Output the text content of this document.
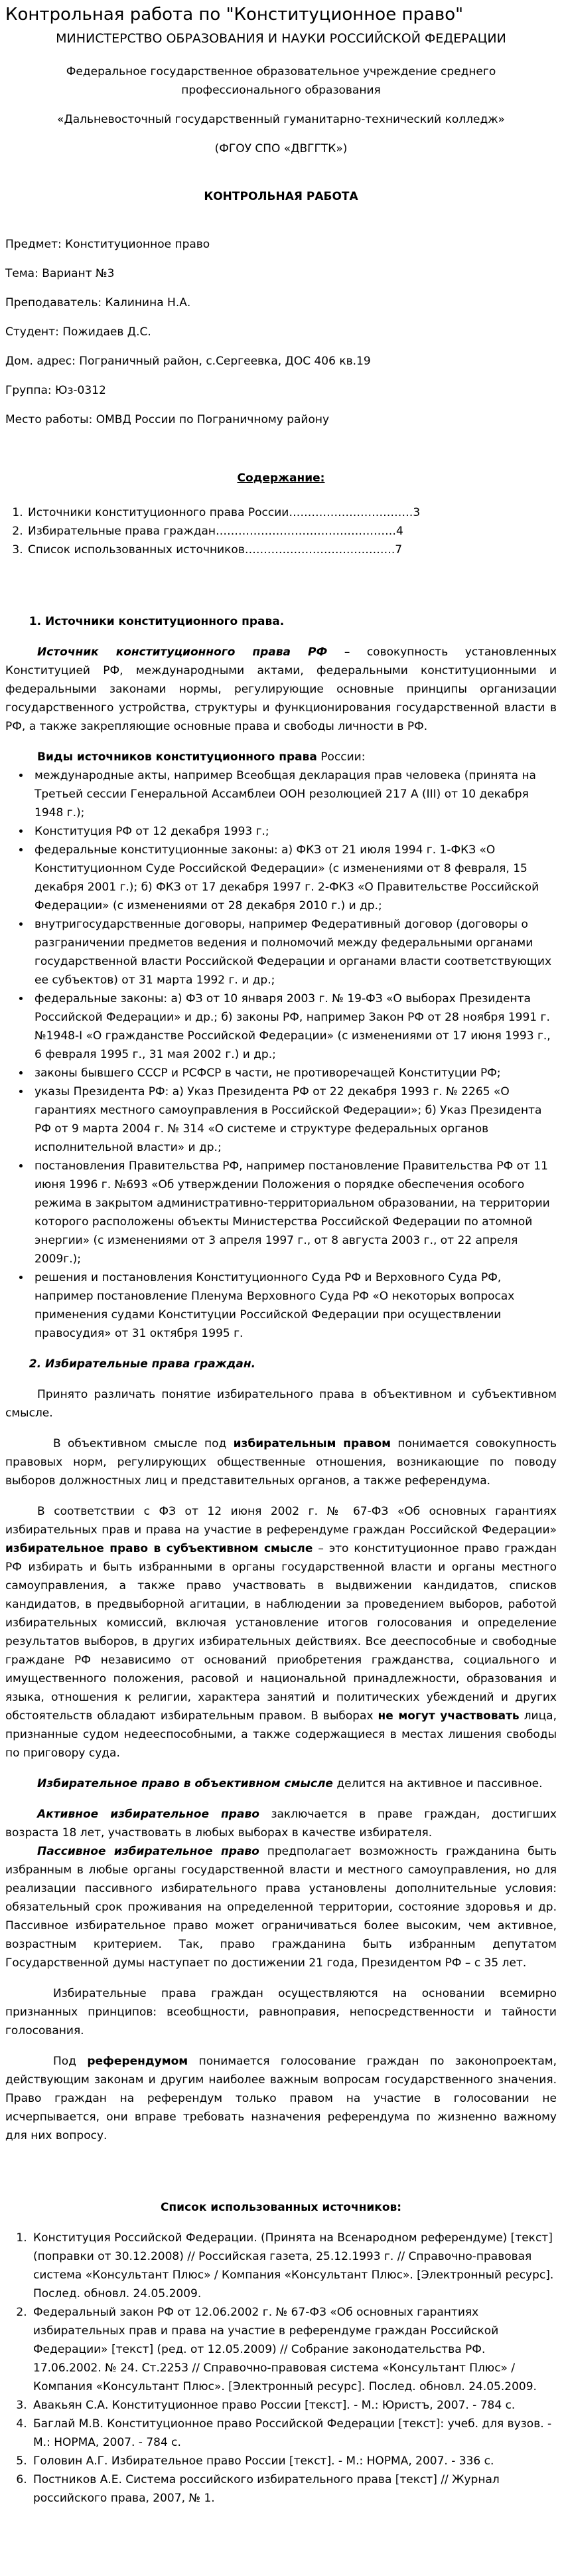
Контрольная работа по "Конституционное право"
МИНИСТЕРСТВО ОБРАЗОВАНИЯ И НАУКИ РОССИЙСКОЙ ФЕДЕРАЦИИ
Федеральное государственное образовательное учреждение среднего
профессионального образования
«Дальневосточный государственный гуманитарно-технический колледж»
(ФГОУ СПО «ДВГГТК»)
КОНТРОЛЬНАЯ РАБОТА

Предмет: Конституционное право

Тема: Вариант №3

Преподаватель: Калинина Н.А.

Студент: Пожидаев Д.С.

Дом. адрес: Пограничный район, с.Сергеевка, ДОС 406 кв.19

Группа: Юз-0312

Место работы: ОМВД России по Пограничному району

Содержание:
1. Источники конституционного права России……………………………3
2. Избирательные права граждан…………………………………………4
3. Список использованных источников………………………………….7
1. Источники конституционного права.

Источник конституционного права РФ – совокупность установленных Конституцией РФ, международными актами, федеральными конституционными и федеральными законами нормы, регулирующие основные принципы организации государственного устройства, структуры и функционирования государственной власти в РФ, а также закрепляющие основные права и свободы личности в РФ.

Виды источников конституционного права России:

• международные акты, например Всеобщая декларация прав человека (принята на Третьей сессии Генеральной Ассамблеи ООН резолюцией 217 А (III) от 10 декабря 1948 г.);
• Конституция РФ от 12 декабря 1993 г.;
• федеральные конституционные законы: а) ФКЗ от 21 июля 1994 г. 1-ФКЗ «О Конституционном Суде Российской Федерации» (с изменениями от 8 февраля, 15 декабря 2001 г.); б) ФКЗ от 17 декабря 1997 г. 2-ФКЗ «О Правительстве Российской Федерации» (с изменениями от 28 декабря 2010 г.) и др.;
• внутригосударственные договоры, например Федеративный договор (договоры о разграничении предметов ведения и полномочий между федеральными органами государственной власти Российской Федерации и органами власти соответствующих ее субъектов) от 31 марта 1992 г. и др.;
• федеральные законы: а) ФЗ от 10 января 2003 г. № 19-ФЗ «О выборах Президента Российской Федерации» и др.; б) законы РФ, например Закон РФ от 28 ноября 1991 г. №1948-I «О гражданстве Российской Федерации» (с изменениями от 17 июня 1993 г., 6 февраля 1995 г., 31 мая 2002 г.) и др.;
• законы бывшего СССР и РСФСР в части, не противоречащей Конституции РФ;
• указы Президента РФ: а) Указ Президента РФ от 22 декабря 1993 г. № 2265 «О гарантиях местного самоуправления в Российской Федерации»; б) Указ Президента РФ от 9 марта 2004 г. № 314 «О системе и структуре федеральных органов исполнительной власти» и др.;
• постановления Правительства РФ, например постановление Правительства РФ от 11 июня 1996 г. №693 «Об утверждении Положения о порядке обеспечения особого режима в закрытом административно-территориальном образовании, на территории которого расположены объекты Министерства Российской Федерации по атомной энергии» (с изменениями от 3 апреля 1997 г., от 8 августа 2003 г., от 22 апреля 2009г.);
• решения и постановления Конституционного Суда РФ и Верховного Суда РФ, например постановление Пленума Верховного Суда РФ «О некоторых вопросах применения судами Конституции Российской Федерации при осуществлении правосудия» от 31 октября 1995 г.
2. Избирательные права граждан.

Принято различать понятие избирательного права в объективном и субъективном смысле.

В объективном смысле под избирательным правом понимается совокупность правовых норм, регулирующих общественные отношения, возникающие по поводу выборов должностных лиц и представительных органов, а также референдума.

В соответствии с ФЗ от 12 июня 2002 г. № 67-ФЗ «Об основных гарантиях избирательных прав и права на участие в референдуме граждан Российской Федерации» избирательное право в субъективном смысле – это конституционное право граждан РФ избирать и быть избранными в органы государственной власти и органы местного самоуправления, а также право участвовать в выдвижении кандидатов, списков кандидатов, в предвыборной агитации, в наблюдении за проведением выборов, работой избирательных комиссий, включая установление итогов голосования и определение результатов выборов, в других избирательных действиях. Все дееспособные и свободные граждане РФ независимо от оснований приобретения гражданства, социального и имущественного положения, расовой и национальной принадлежности, образования и языка, отношения к религии, характера занятий и политических убеждений и других обстоятельств обладают избирательным правом. В выборах не могут участвовать лица, признанные судом недееспособными, а также содержащиеся в местах лишения свободы по приговору суда.

Избирательное право в объективном смысле делится на активное и пассивное.

Активное избирательное право заключается в праве граждан, достигших возраста 18 лет, участвовать в любых выборах в качестве избирателя.

Пассивное избирательное право предполагает возможность гражданина быть избранным в любые органы государственной власти и местного самоуправления, но для реализации пассивного избирательного права установлены дополнительные условия: обязательный срок проживания на определенной территории, состояние здоровья и др. Пассивное избирательное право может ограничиваться более высоким, чем активное, возрастным критерием. Так, право гражданина быть избранным депутатом Государственной думы наступает по достижении 21 года, Президентом РФ – с 35 лет.

Избирательные права граждан осуществляются на основании всемирно признанных принципов: всеобщности, равноправия, непосредственности и тайности голосования.

Под референдумом понимается голосование граждан по законопроектам, действующим законам и другим наиболее важным вопросам государственного значения. Право граждан на референдум только правом на участие в голосовании не исчерпывается, они вправе требовать назначения референдума по жизненно важному для них вопросу.

Список использованных источников:
1. Конституция Российской Федерации. (Принята на Всенародном референдуме) [текст] (поправки от 30.12.2008) // Российская газета, 25.12.1993 г. // Справочно-правовая система «Консультант Плюс» / Компания «Консультант Плюс». [Электронный ресурс]. Послед. обновл. 24.05.2009.
2. Федеральный закон РФ от 12.06.2002 г. № 67-ФЗ «Об основных гарантиях избирательных прав и права на участие в референдуме граждан Российской Федерации» [текст] (ред. от 12.05.2009) // Собрание законодательства РФ. 17.06.2002. № 24. Ст.2253 // Справочно-правовая система «Консультант Плюс» / Компания «Консультант Плюс». [Электронный ресурс]. Послед. обновл. 24.05.2009.
3. Авакьян С.А. Конституционное право России [текст]. - М.: Юристъ, 2007. - 784 с.
4. Баглай М.В. Конституционное право Российской Федерации [текст]: учеб. для вузов. - М.: НОРМА, 2007. - 784 с.
5. Головин А.Г. Избирательное право России [текст]. - М.: НОРМА, 2007. - 336 с.
6. Постников А.Е. Система российского избирательного права [текст] // Журнал российского права, 2007, № 1.
